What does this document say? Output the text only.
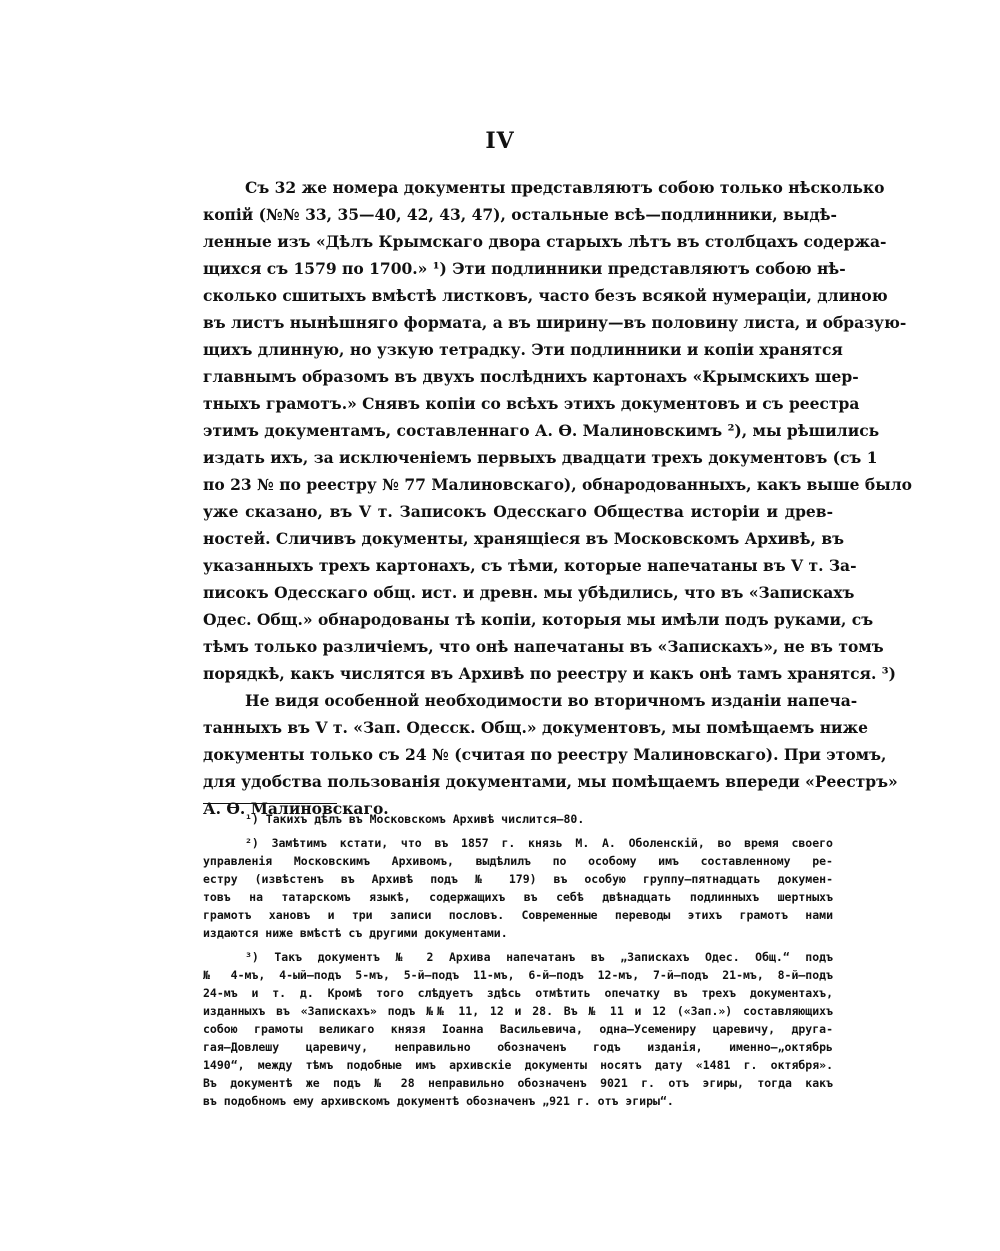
IV
Съ 32 же номера документы представляютъ собою только нѣсколько
копій (№№ 33, 35—40, 42, 43, 47), остальные всѣ—подлинники, выдѣ-
ленные изъ «Дѣлъ Крымскаго двора старыхъ лѣтъ въ столбцахъ содержа-
щихся съ 1579 по 1700.» ¹) Эти подлинники представляютъ собою нѣ-
сколько сшитыхъ вмѣстѣ листковъ, часто безъ всякой нумераціи, длиною
въ листъ нынѣшняго формата, а въ ширину—въ половину листа, и образую-
щихъ длинную, но узкую тетрадку. Эти подлинники и копіи хранятся
главнымъ образомъ въ двухъ послѣднихъ картонахъ «Крымскихъ шер-
тныхъ грамотъ.» Снявъ копіи со всѣхъ этихъ документовъ и съ реестра
этимъ документамъ, составленнаго А. Ѳ. Малиновскимъ ²), мы рѣшились
издать ихъ, за исключеніемъ первыхъ двадцати трехъ документовъ (съ 1
по 23 № по реестру № 77 Малиновскаго), обнародованныхъ, какъ выше было
уже сказано, въ V т. Записокъ Одесскаго Общества исторіи и древ-
ностей. Сличивъ документы, хранящіеся въ Московскомъ Архивѣ, въ
указанныхъ трехъ картонахъ, съ тѣми, которые напечатаны въ V т. За-
писокъ Одесскаго общ. ист. и древн. мы убѣдились, что въ «Запискахъ
Одес. Общ.» обнародованы тѣ копіи, которыя мы имѣли подъ руками, съ
тѣмъ только различіемъ, что онѣ напечатаны въ «Запискахъ», не въ томъ
порядкѣ, какъ числятся въ Архивѣ по реестру и какъ онѣ тамъ хранятся. ³)
Не видя особенной необходимости во вторичномъ изданіи напеча-
танныхъ въ V т. «Зап. Одесск. Общ.» документовъ, мы помѣщаемъ ниже
документы только съ 24 № (считая по реестру Малиновскаго). При этомъ,
для удобства пользованія документами, мы помѣщаемъ впереди «Реестръ»
А. Ѳ. Малиновскаго.
¹) Такихъ дѣлъ въ Московскомъ Архивѣ числится—80.
²) Замѣтимъ кстати, что въ 1857 г. князь М. А. Оболенскій, во время своего
управленія Московскимъ Архивомъ, выдѣлилъ по особому имъ составленному ре-
естру (извѣстенъ въ Архивѣ подъ № 179) въ особую группу—пятнадцать докумен-
товъ на татарскомъ языкѣ, содержащихъ въ себѣ двѣнадцать подлинныхъ шертныхъ
грамотъ хановъ и три записи пословъ. Современные переводы этихъ грамотъ нами
издаются ниже вмѣстѣ съ другими документами.
³) Такъ документъ № 2 Архива напечатанъ въ „Запискахъ Одес. Общ.“ подъ
№ 4-мъ, 4-ый—подъ 5-мъ, 5-й—подъ 11-мъ, 6-й—подъ 12-мъ, 7-й—подъ 21-мъ, 8-й—подъ
24-мъ и т. д. Кромѣ того слѣдуетъ здѣсь отмѣтить опечатку въ трехъ документахъ,
изданныхъ въ «Запискахъ» подъ №№ 11, 12 и 28. Въ № 11 и 12 («Зап.») составляющихъ
собою грамоты великаго князя Іоанна Васильевича, одна—Усемениру царевичу, друга-
гая—Довлешу царевичу, неправильно обозначенъ годъ изданія, именно—„октябрь
1490“, между тѣмъ подобные имъ архивскіе документы носятъ дату «1481 г. октября».
Въ документѣ же подъ № 28 неправильно обозначенъ 9021 г. отъ эгиры, тогда какъ
въ подобномъ ему архивскомъ документѣ обозначенъ „921 г. отъ эгиры“.
